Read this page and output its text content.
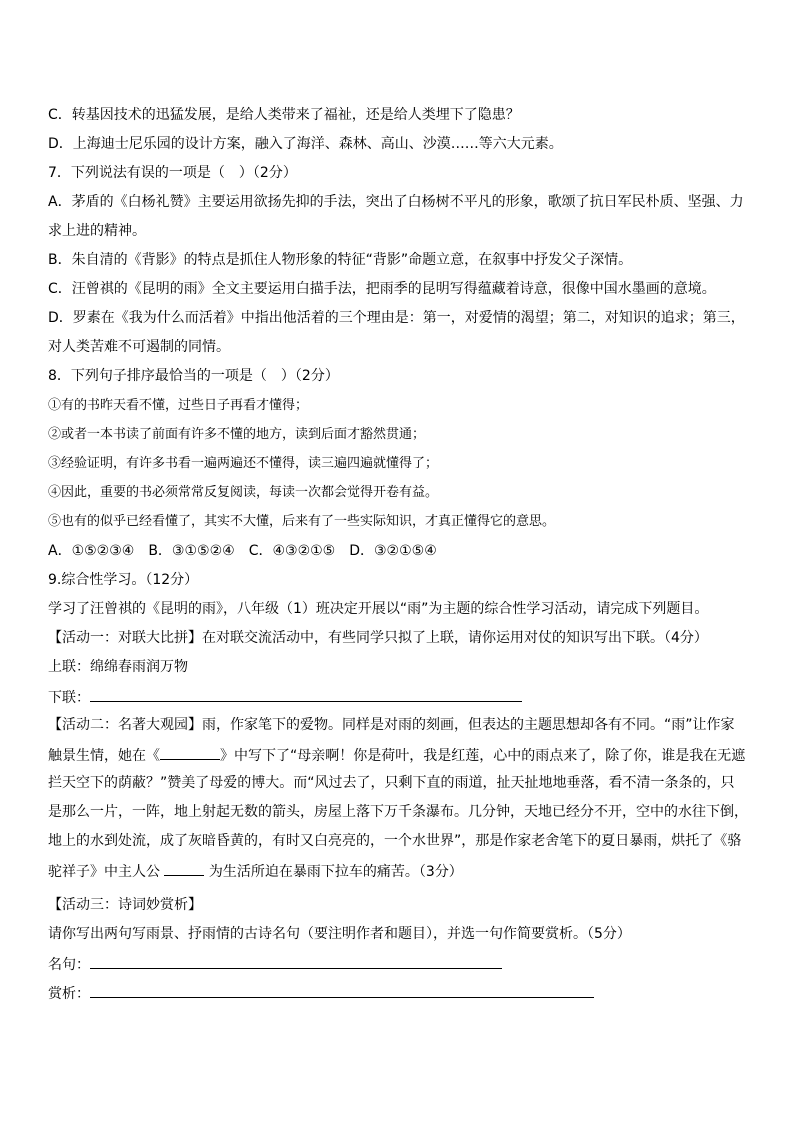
C．转基因技术的迅猛发展，是给人类带来了福祉，还是给人类埋下了隐患？
D．上海迪士尼乐园的设计方案，融入了海洋、森林、高山、沙漠……等六大元素。
7．下列说法有误的一项是（　）（2分）
A．茅盾的《白杨礼赞》主要运用欲扬先抑的手法，突出了白杨树不平凡的形象，歌颂了抗日军民朴质、坚强、力
求上进的精神。
B．朱自清的《背影》的特点是抓住人物形象的特征“背影”命题立意，在叙事中抒发父子深情。
C．汪曾祺的《昆明的雨》全文主要运用白描手法，把雨季的昆明写得蕴藏着诗意，很像中国水墨画的意境。
D．罗素在《我为什么而活着》中指出他活着的三个理由是：第一，对爱情的渴望；第二，对知识的追求；第三，
对人类苦难不可遏制的同情。
8．下列句子排序最恰当的一项是（　）（2分）
①有的书昨天看不懂，过些日子再看才懂得；
②或者一本书读了前面有许多不懂的地方，读到后面才豁然贯通；
③经验证明，有许多书看一遍两遍还不懂得，读三遍四遍就懂得了；
④因此，重要的书必须常常反复阅读，每读一次都会觉得开卷有益。
⑤也有的似乎已经看懂了，其实不大懂，后来有了一些实际知识，才真正懂得它的意思。
A．①⑤②③④　B．③①⑤②④　C．④③②①⑤　D．③②①⑤④
9.综合性学习。（12分）
学习了汪曾祺的《昆明的雨》，八年级（1）班决定开展以“雨”为主题的综合性学习活动，请完成下列题目。
【活动一：对联大比拼】在对联交流活动中，有些同学只拟了上联，请你运用对仗的知识写出下联。（4分）
上联：绵绵春雨润万物
下联：
【活动二：名著大观园】雨，作家笔下的爱物。同样是对雨的刻画，但表达的主题思想却各有不同。“雨”让作家
触景生情，她在《	》中写下了“母亲啊！你是荷叶，我是红莲，心中的雨点来了，除了你，谁是我在无遮
拦天空下的荫蔽？”赞美了母爱的博大。而“风过去了，只剩下直的雨道，扯天扯地地垂落，看不清一条条的，只
是那么一片，一阵，地上射起无数的箭头，房屋上落下万千条瀑布。几分钟，天地已经分不开，空中的水往下倒，
地上的水到处流，成了灰暗昏黄的，有时又白亮亮的，一个水世界”，那是作家老舍笔下的夏日暴雨，烘托了《骆
驼祥子》中主人公	为生活所迫在暴雨下拉车的痛苦。（3分）
【活动三：诗词妙赏析】
请你写出两句写雨景、抒雨情的古诗名句（要注明作者和题目），并选一句作简要赏析。（5分）
名句：
赏析：
